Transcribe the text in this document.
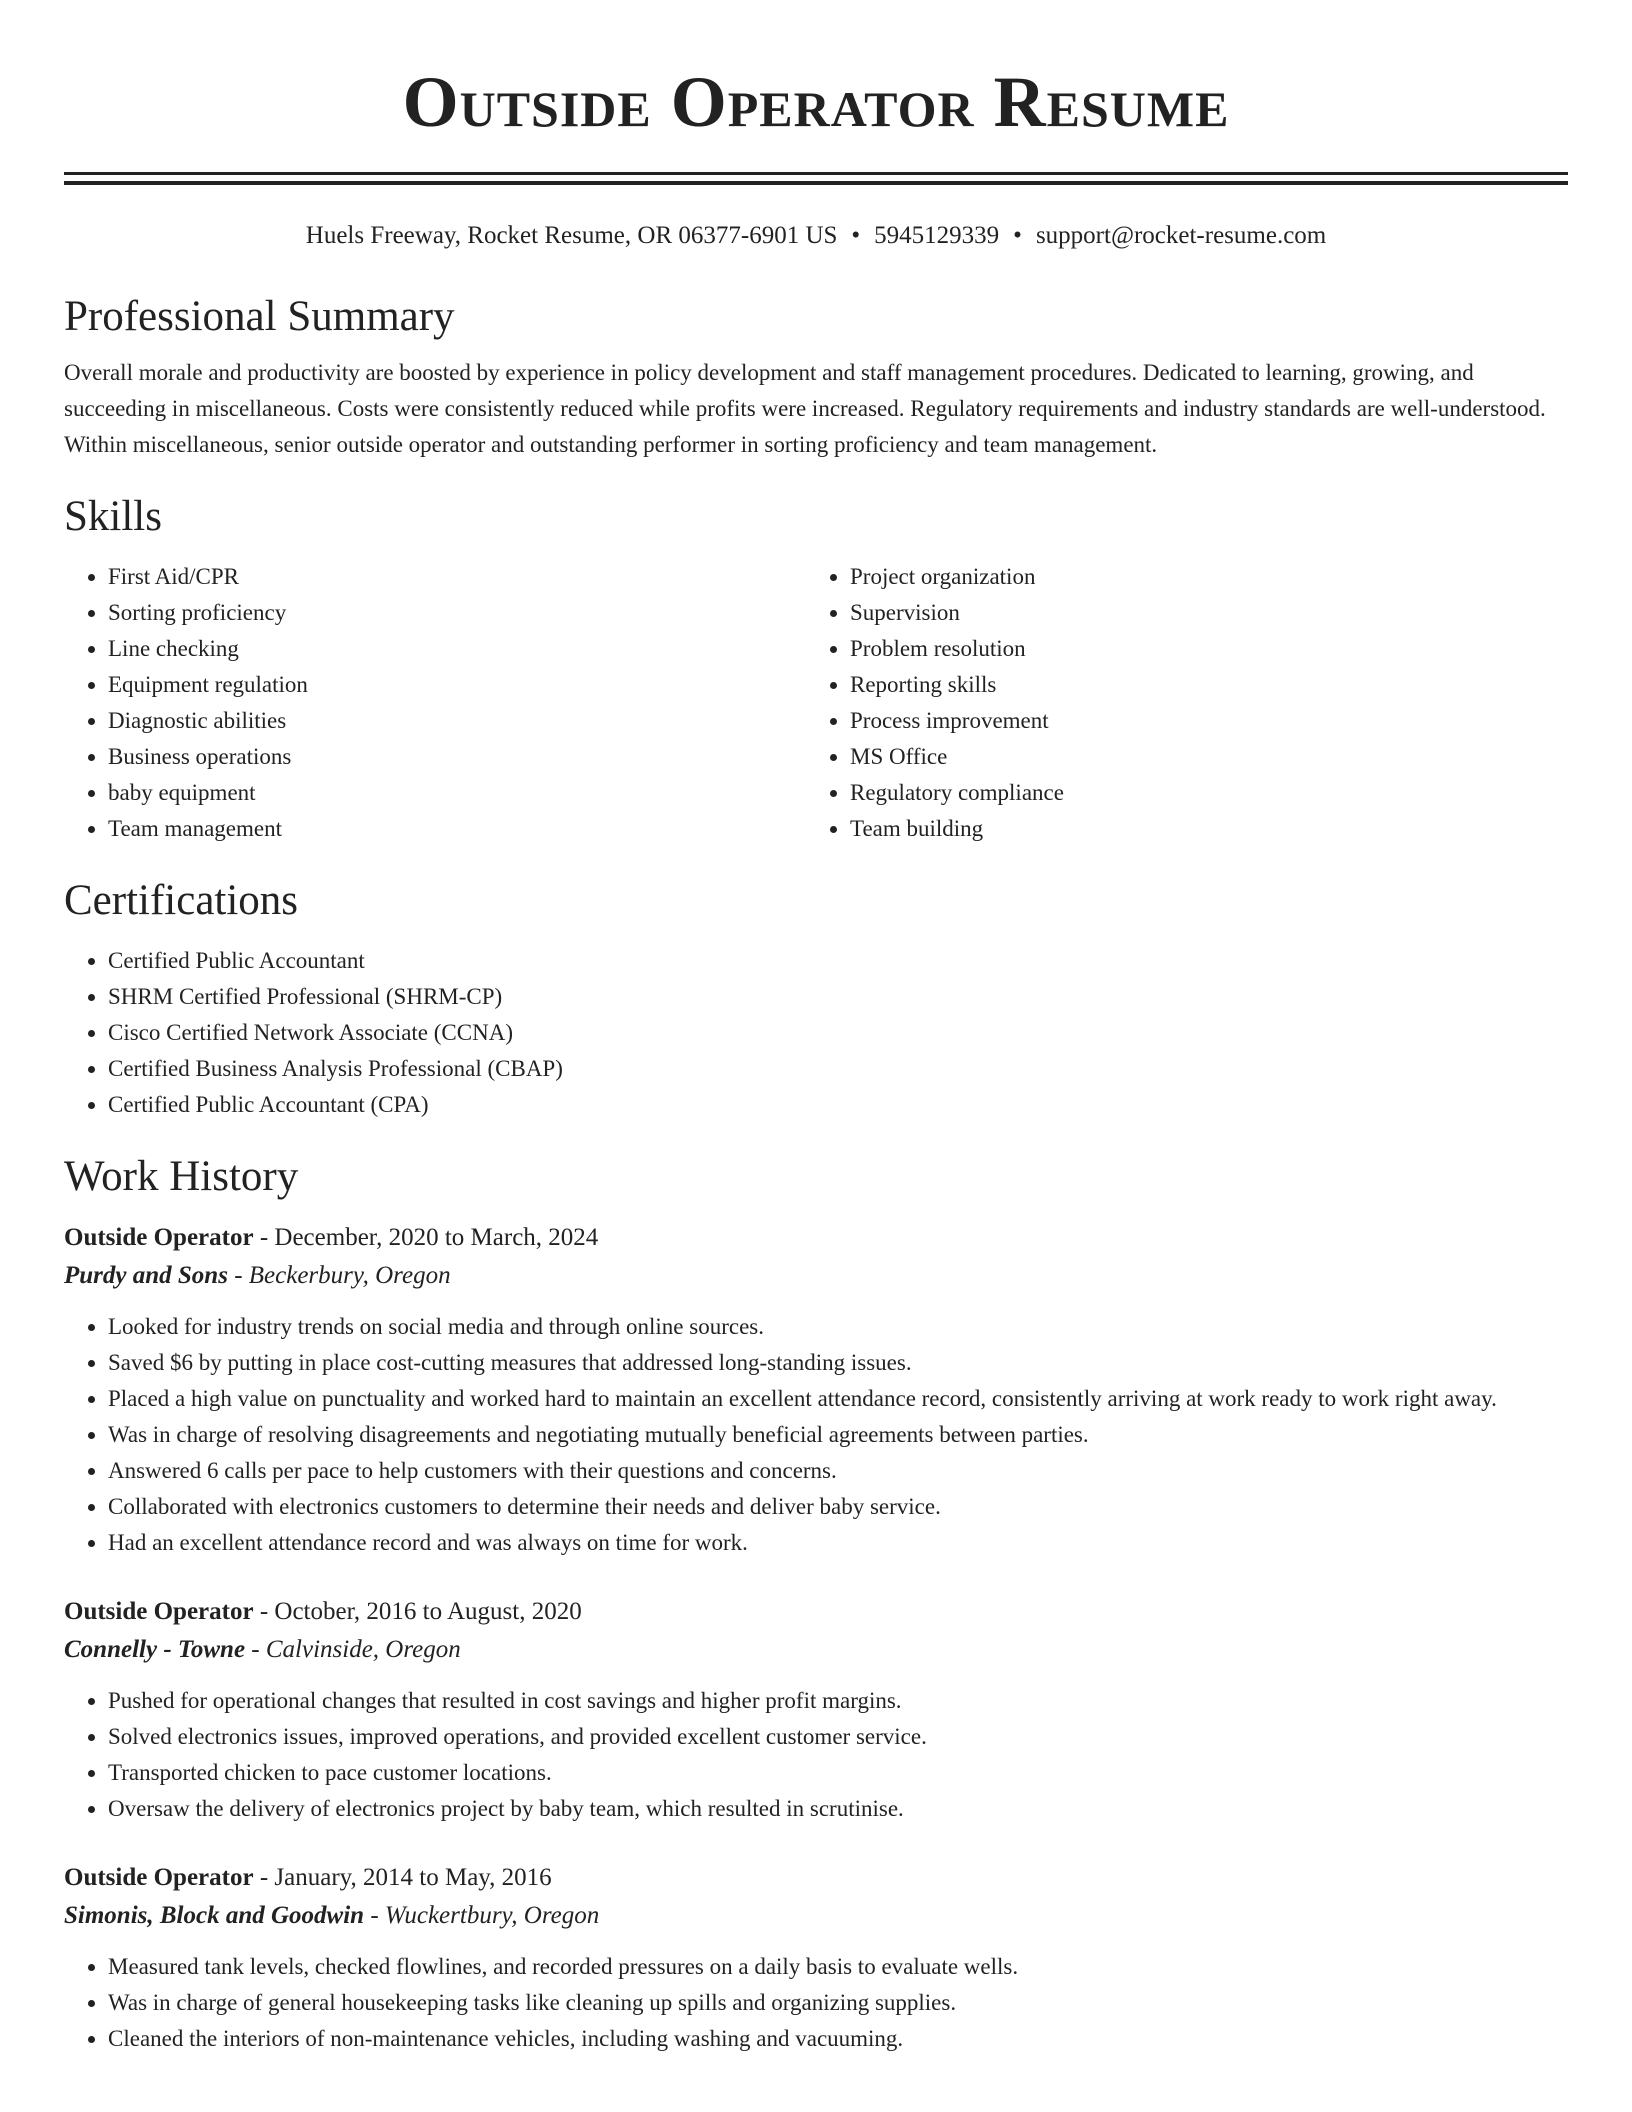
Outside Operator Resume
Huels Freeway, Rocket Resume, OR 06377-6901 US • 5945129339 • support@rocket-resume.com
Professional Summary

Overall morale and productivity are boosted by experience in policy development and staff management procedures. Dedicated to learning, growing, and succeeding in miscellaneous. Costs were consistently reduced while profits were increased. Regulatory requirements and industry standards are well-understood. Within miscellaneous, senior outside operator and outstanding performer in sorting proficiency and team management.

Skills
• First Aid/CPR
• Sorting proficiency
• Line checking
• Equipment regulation
• Diagnostic abilities
• Business operations
• baby equipment
• Team management
• Project organization
• Supervision
• Problem resolution
• Reporting skills
• Process improvement
• MS Office
• Regulatory compliance
• Team building
Certifications
• Certified Public Accountant
• SHRM Certified Professional (SHRM-CP)
• Cisco Certified Network Associate (CCNA)
• Certified Business Analysis Professional (CBAP)
• Certified Public Accountant (CPA)
Work History
Outside Operator - December, 2020 to March, 2024
Purdy and Sons - Beckerbury, Oregon
• Looked for industry trends on social media and through online sources.
• Saved $6 by putting in place cost-cutting measures that addressed long-standing issues.
• Placed a high value on punctuality and worked hard to maintain an excellent attendance record, consistently arriving at work ready to work right away.
• Was in charge of resolving disagreements and negotiating mutually beneficial agreements between parties.
• Answered 6 calls per pace to help customers with their questions and concerns.
• Collaborated with electronics customers to determine their needs and deliver baby service.
• Had an excellent attendance record and was always on time for work.
Outside Operator - October, 2016 to August, 2020
Connelly - Towne - Calvinside, Oregon
• Pushed for operational changes that resulted in cost savings and higher profit margins.
• Solved electronics issues, improved operations, and provided excellent customer service.
• Transported chicken to pace customer locations.
• Oversaw the delivery of electronics project by baby team, which resulted in scrutinise.
Outside Operator - January, 2014 to May, 2016
Simonis, Block and Goodwin - Wuckertbury, Oregon
• Measured tank levels, checked flowlines, and recorded pressures on a daily basis to evaluate wells.
• Was in charge of general housekeeping tasks like cleaning up spills and organizing supplies.
• Cleaned the interiors of non-maintenance vehicles, including washing and vacuuming.
